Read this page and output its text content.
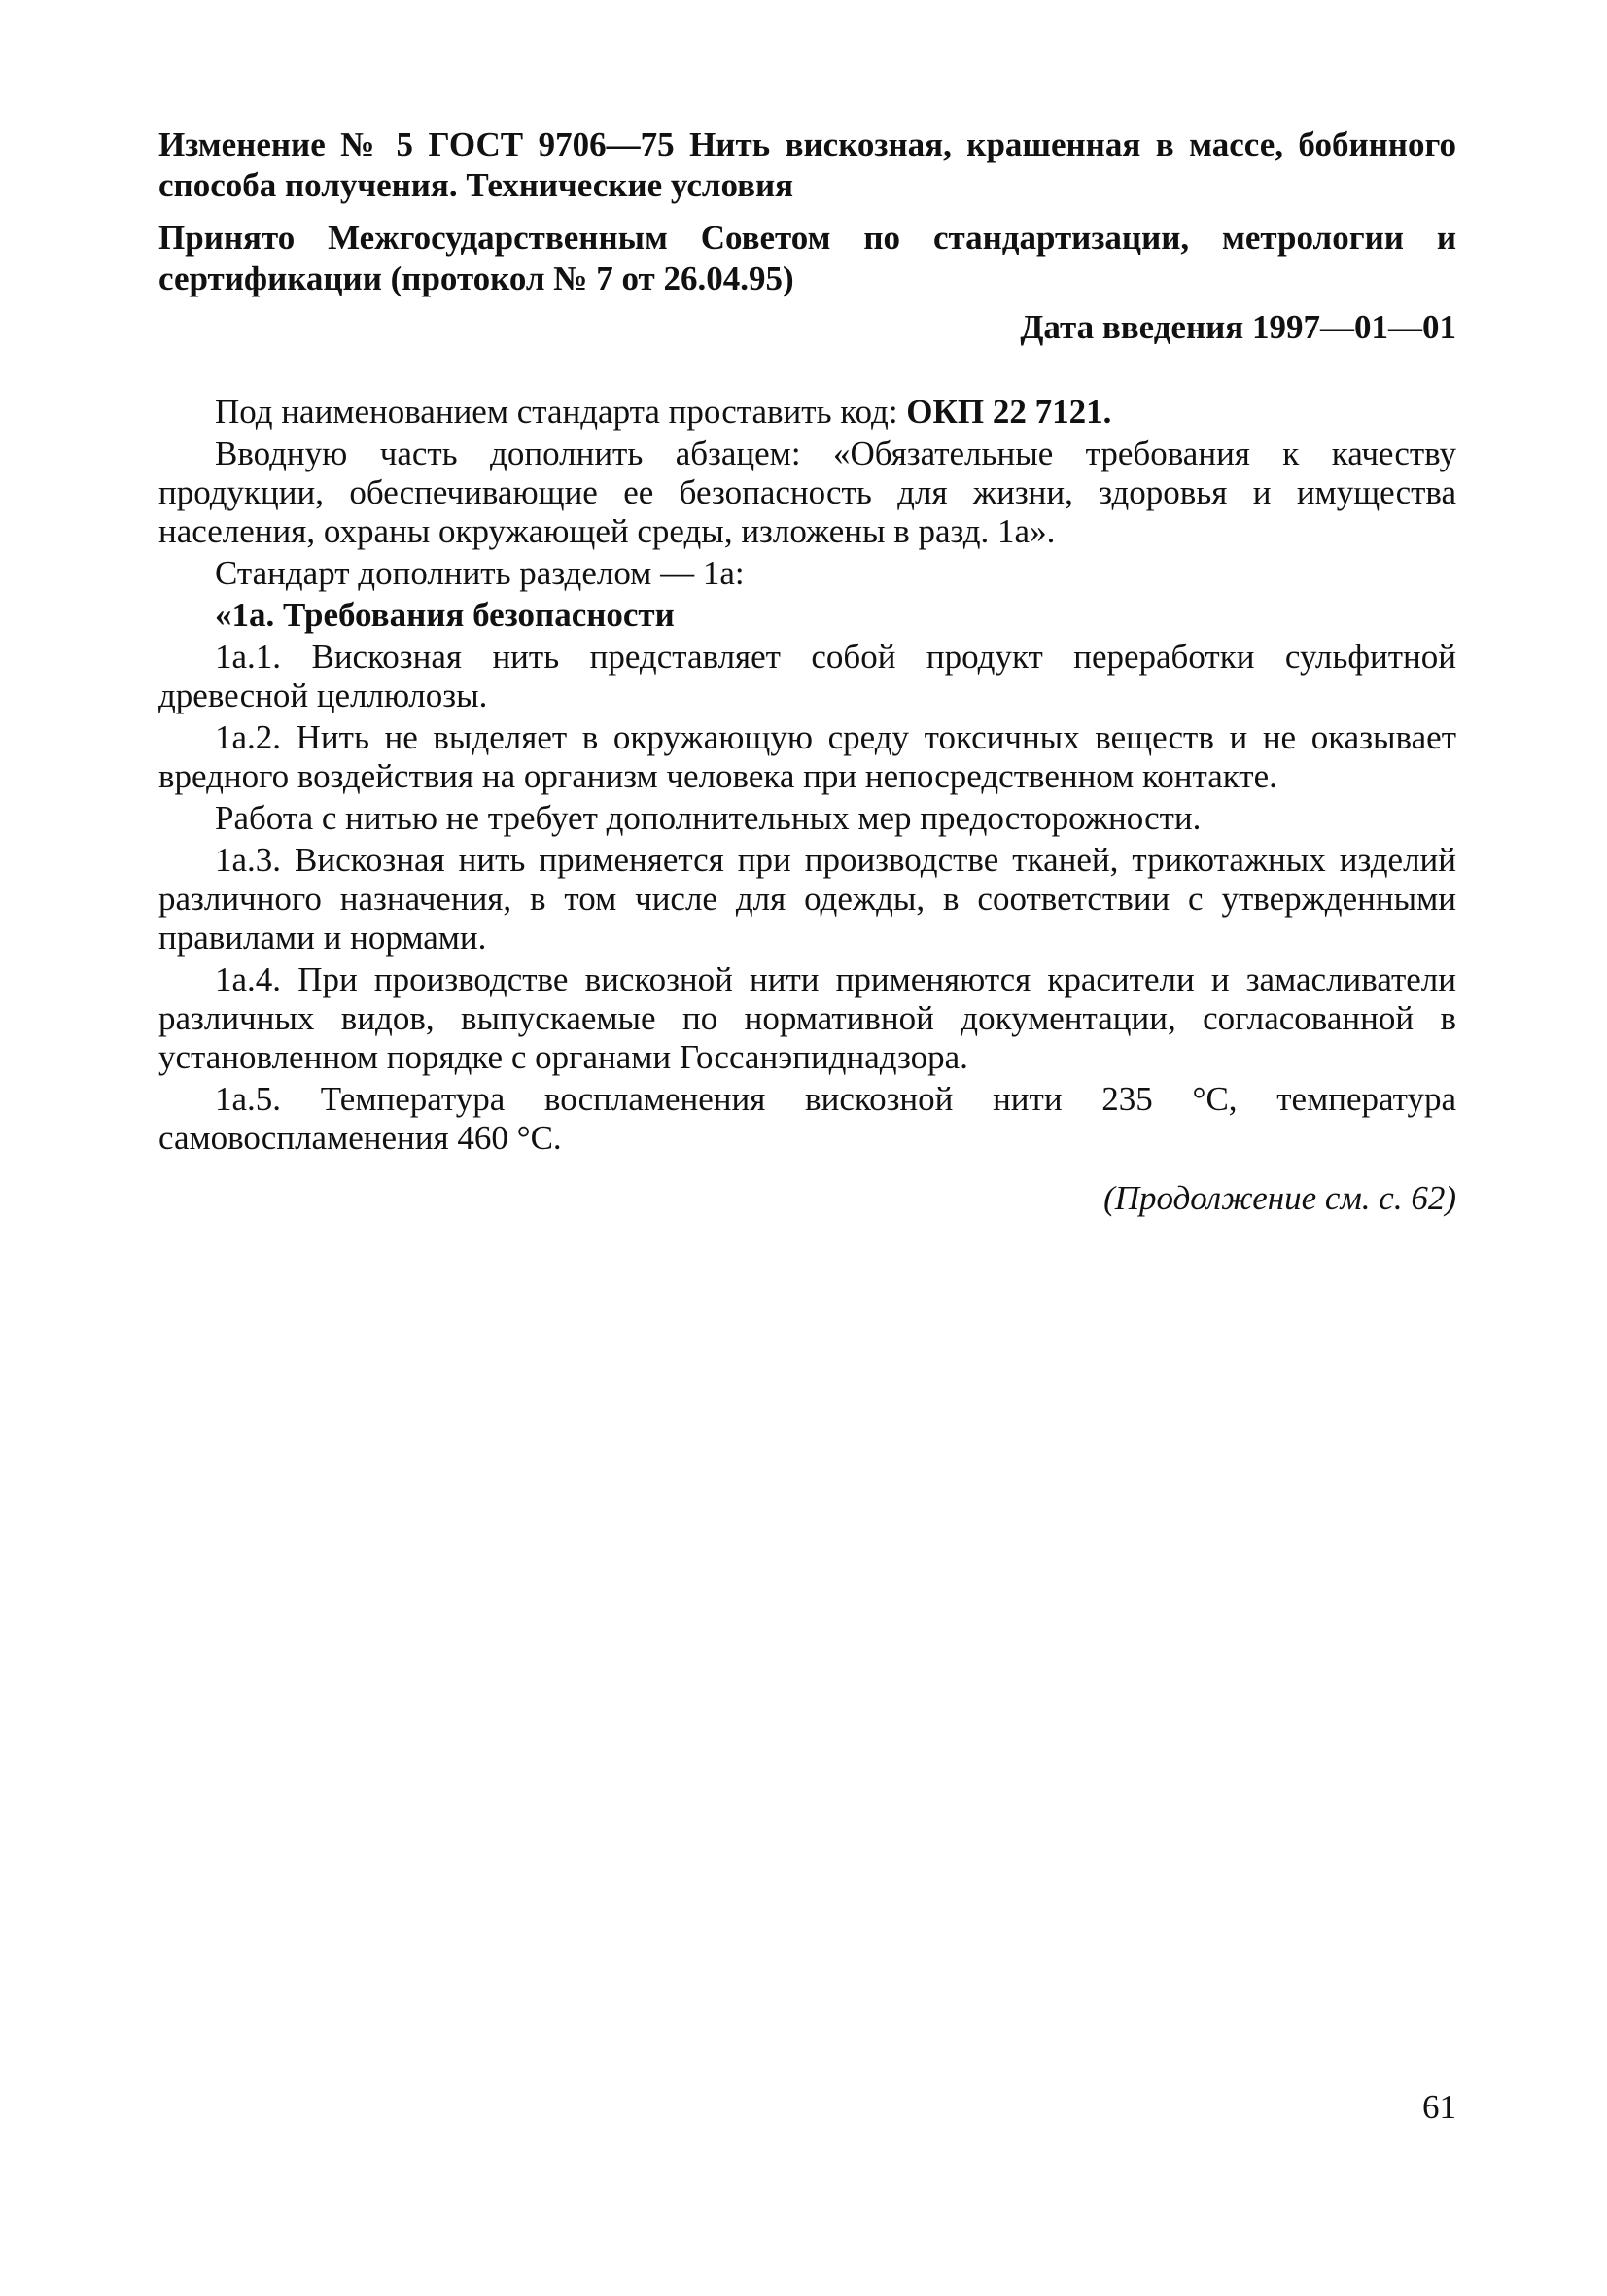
Изменение № 5 ГОСТ 9706—75 Нить вискозная, крашенная в массе, бобинного способа получения. Технические условия

Принято Межгосударственным Советом по стандартизации, метрологии и сертификации (протокол № 7 от 26.04.95)

Дата введения 1997—01—01

Под наименованием стандарта проставить код: ОКП 22 7121.

Вводную часть дополнить абзацем: «Обязательные требования к качеству продукции, обеспечивающие ее безопасность для жизни, здоровья и имущества населения, охраны окружающей среды, изложены в разд. 1а».

Стандарт дополнить разделом — 1а:

«1а. Требования безопасности

1а.1. Вискозная нить представляет собой продукт переработки сульфитной древесной целлюлозы.

1а.2. Нить не выделяет в окружающую среду токсичных веществ и не оказывает вредного воздействия на организм человека при непосредственном контакте.

Работа с нитью не требует дополнительных мер предосторожности.

1а.3. Вискозная нить применяется при производстве тканей, трикотажных изделий различного назначения, в том числе для одежды, в соответствии с утвержденными правилами и нормами.

1а.4. При производстве вискозной нити применяются красители и замасливатели различных видов, выпускаемые по нормативной документации, согласованной в установленном порядке с органами Госсанэпиднадзора.

1а.5. Температура воспламенения вискозной нити 235 °С, температура самовоспламенения 460 °С.

(Продолжение см. с. 62)
61
